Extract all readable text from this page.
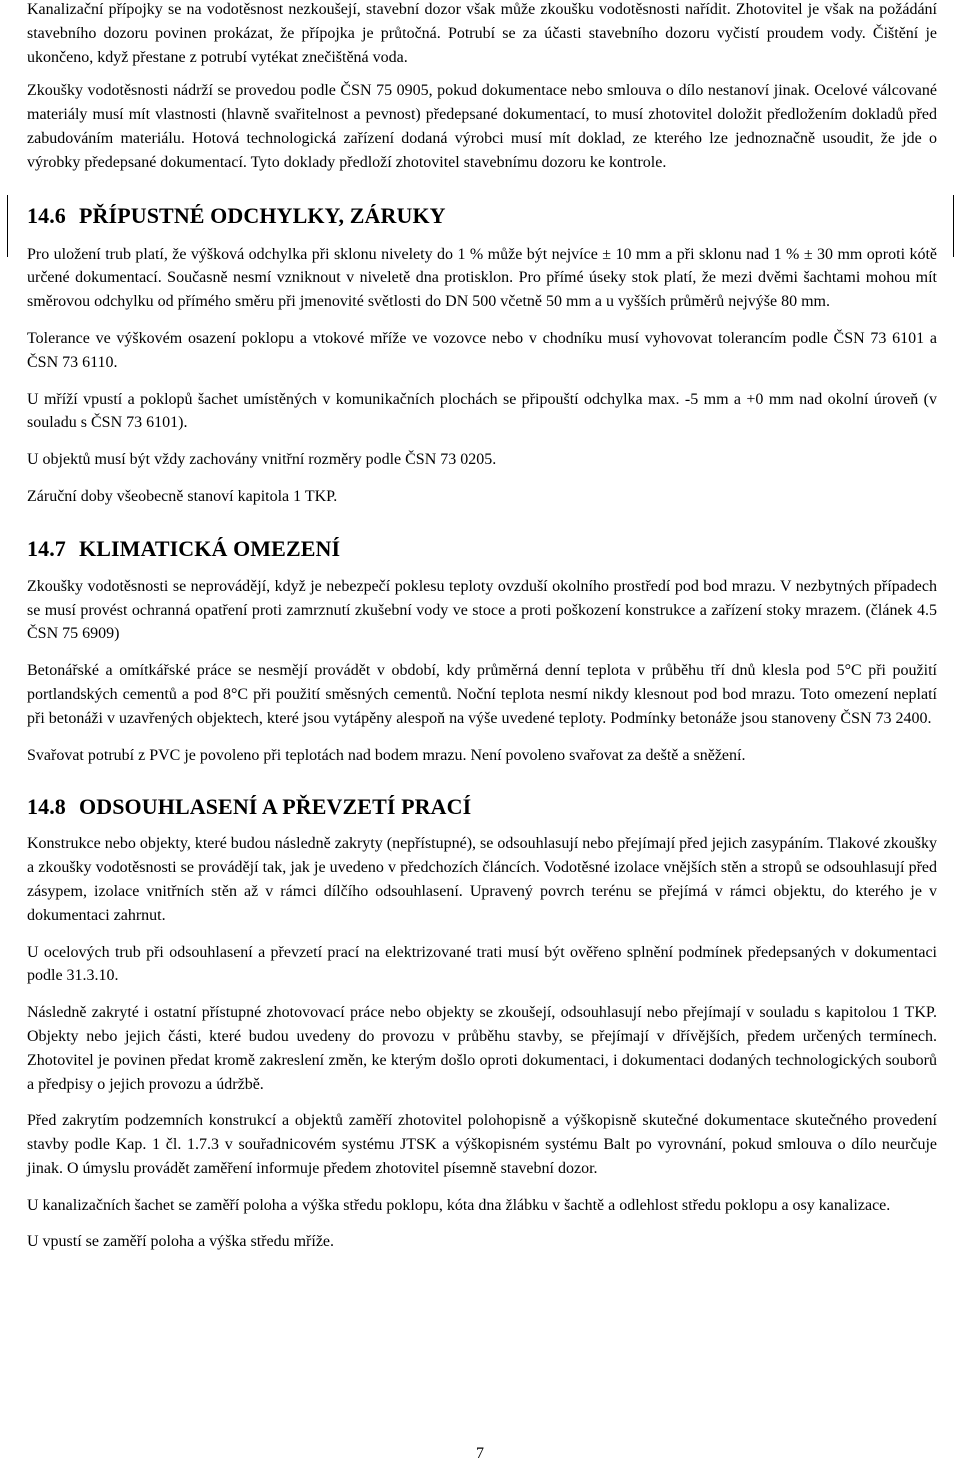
Kanalizační přípojky se na vodotěsnost nezkoušejí, stavební dozor však může zkoušku vodotěsnosti nařídit. Zhotovitel je však na požádání stavebního dozoru povinen prokázat, že přípojka je průtočná. Potrubí se za účasti stavebního dozoru vyčistí proudem vody. Čištění je ukončeno, když přestane z potrubí vytékat znečištěná voda.

Zkoušky vodotěsnosti nádrží se provedou podle ČSN 75 0905, pokud dokumentace nebo smlouva o dílo nestanoví jinak. Ocelové válcované materiály musí mít vlastnosti (hlavně svařitelnost a pevnost) předepsané dokumentací, to musí zhotovitel doložit předložením dokladů před zabudováním materiálu. Hotová technologická zařízení dodaná výrobci musí mít doklad, ze kterého lze jednoznačně usoudit, že jde o výrobky předepsané dokumentací. Tyto doklady předloží zhotovitel stavebnímu dozoru ke kontrole.

14.6 PŘÍPUSTNÉ ODCHYLKY, ZÁRUKY

Pro uložení trub platí, že výšková odchylka při sklonu nivelety do 1 % může být nejvíce ± 10 mm a při sklonu nad 1 % ± 30 mm oproti kótě určené dokumentací. Současně nesmí vzniknout v niveletě dna protisklon. Pro přímé úseky stok platí, že mezi dvěmi šachtami mohou mít směrovou odchylku od přímého směru při jmenovité světlosti do DN 500 včetně 50 mm a u vyšších průměrů nejvýše 80 mm.

Tolerance ve výškovém osazení poklopu a vtokové mříže ve vozovce nebo v chodníku musí vyhovovat tolerancím podle ČSN 73 6101 a ČSN 73 6110.

U mříží vpustí a poklopů šachet umístěných v komunikačních plochách se připouští odchylka max. -5 mm a +0 mm nad okolní úroveň (v souladu s ČSN 73 6101).

U objektů musí být vždy zachovány vnitřní rozměry podle ČSN 73 0205.

Záruční doby všeobecně stanoví kapitola 1 TKP.

14.7 KLIMATICKÁ OMEZENÍ

Zkoušky vodotěsnosti se neprovádějí, když je nebezpečí poklesu teploty ovzduší okolního prostředí pod bod mrazu. V nezbytných případech se musí provést ochranná opatření proti zamrznutí zkušební vody ve stoce a proti poškození konstrukce a zařízení stoky mrazem. (článek 4.5 ČSN 75 6909)

Betonářské a omítkářské práce se nesmějí provádět v období, kdy průměrná denní teplota v průběhu tří dnů klesla pod 5°C při použití portlandských cementů a pod 8°C při použití směsných cementů. Noční teplota nesmí nikdy klesnout pod bod mrazu. Toto omezení neplatí při betonáži v uzavřených objektech, které jsou vytápěny alespoň na výše uvedené teploty. Podmínky betonáže jsou stanoveny ČSN 73 2400.

Svařovat potrubí z PVC je povoleno při teplotách nad bodem mrazu. Není povoleno svařovat za deště a sněžení.

14.8 ODSOUHLASENÍ A PŘEVZETÍ PRACÍ

Konstrukce nebo objekty, které budou následně zakryty (nepřístupné), se odsouhlasují nebo přejímají před jejich zasypáním. Tlakové zkoušky a zkoušky vodotěsnosti se provádějí tak, jak je uvedeno v předchozích článcích. Vodotěsné izolace vnějších stěn a stropů se odsouhlasují před zásypem, izolace vnitřních stěn až v rámci dílčího odsouhlasení. Upravený povrch terénu se přejímá v rámci objektu, do kterého je v dokumentaci zahrnut.

U ocelových trub při odsouhlasení a převzetí prací na elektrizované trati musí být ověřeno splnění podmínek předepsaných v dokumentaci podle 31.3.10.

Následně zakryté i ostatní přístupné zhotovovací práce nebo objekty se zkoušejí, odsouhlasují nebo přejímají v souladu s kapitolou 1 TKP. Objekty nebo jejich části, které budou uvedeny do provozu v průběhu stavby, se přejímají v dřívějších, předem určených termínech. Zhotovitel je povinen předat kromě zakreslení změn, ke kterým došlo oproti dokumentaci, i dokumentaci dodaných technologických souborů a předpisy o jejich provozu a údržbě.

Před zakrytím podzemních konstrukcí a objektů zaměří zhotovitel polohopisně a výškopisně skutečné dokumentace skutečného provedení stavby podle Kap. 1 čl. 1.7.3 v souřadnicovém systému JTSK a výškopisném systému Balt po vyrovnání, pokud smlouva o dílo neurčuje jinak. O úmyslu provádět zaměření informuje předem zhotovitel písemně stavební dozor.

U kanalizačních šachet se zaměří poloha a výška středu poklopu, kóta dna žlábku v šachtě a odlehlost středu poklopu a osy kanalizace.

U vpustí se zaměří poloha a výška středu mříže.

7
